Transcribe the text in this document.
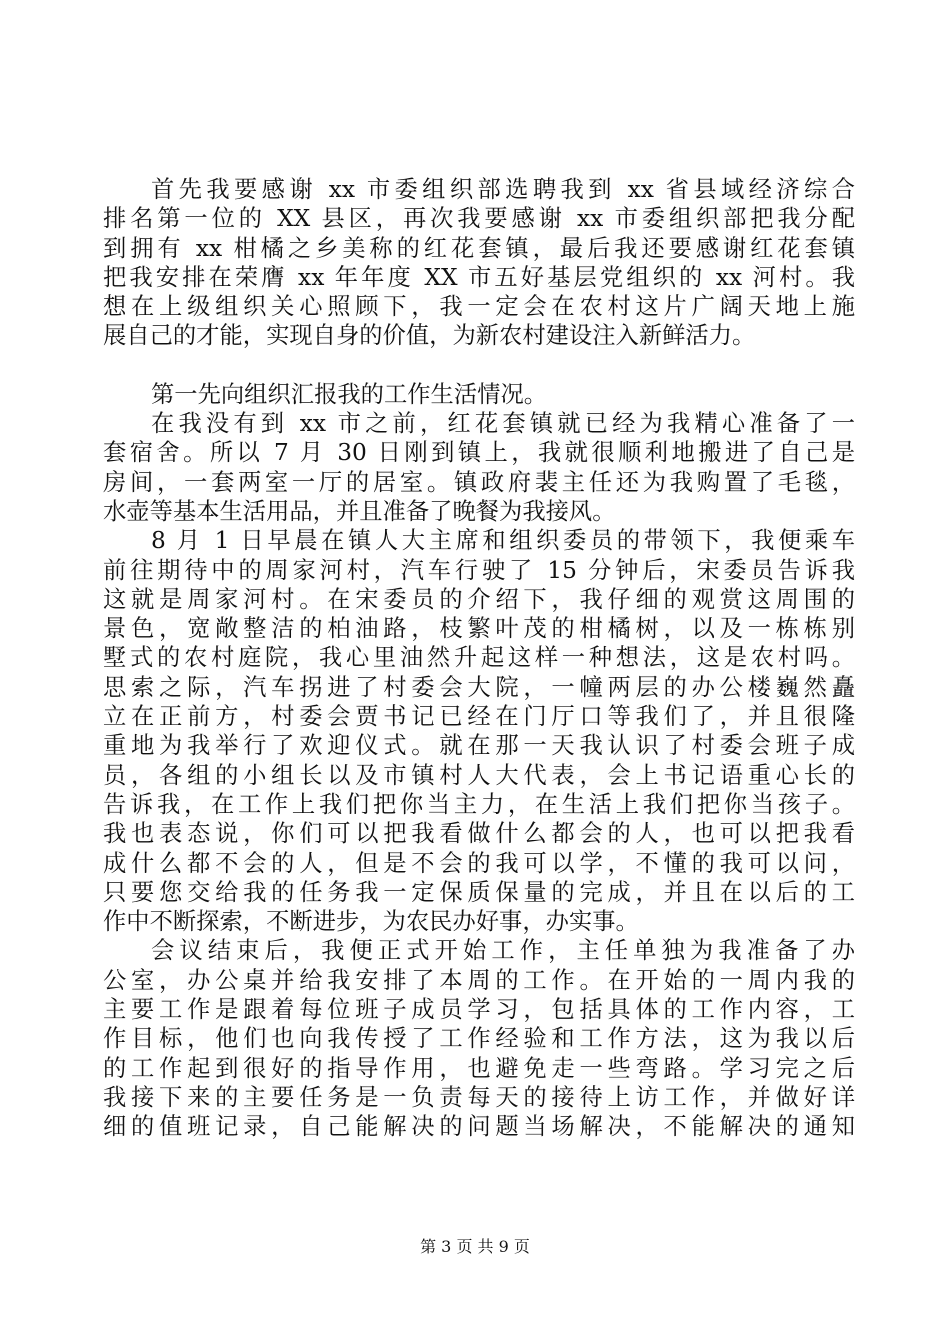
首先我要感谢 xx 市委组织部选聘我到 xx 省县域经济综合
排名第一位的 XX 县区，再次我要感谢 xx 市委组织部把我分配
到拥有 xx 柑橘之乡美称的红花套镇，最后我还要感谢红花套镇
把我安排在荣膺 xx 年年度 XX 市五好基层党组织的 xx 河村。我
想在上级组织关心照顾下，我一定会在农村这片广阔天地上施
展自己的才能，实现自身的价值，为新农村建设注入新鲜活力。
第一先向组织汇报我的工作生活情况。
在我没有到 xx 市之前，红花套镇就已经为我精心准备了一
套宿舍。所以 7 月 30 日刚到镇上，我就很顺利地搬进了自己是
房间，一套两室一厅的居室。镇政府裴主任还为我购置了毛毯，
水壶等基本生活用品，并且准备了晚餐为我接风。
8 月 1 日早晨在镇人大主席和组织委员的带领下，我便乘车
前往期待中的周家河村，汽车行驶了 15 分钟后，宋委员告诉我
这就是周家河村。在宋委员的介绍下，我仔细的观赏这周围的
景色，宽敞整洁的柏油路，枝繁叶茂的柑橘树，以及一栋栋别
墅式的农村庭院，我心里油然升起这样一种想法，这是农村吗。
思索之际，汽车拐进了村委会大院，一幢两层的办公楼巍然矗
立在正前方，村委会贾书记已经在门厅口等我们了，并且很隆
重地为我举行了欢迎仪式。就在那一天我认识了村委会班子成
员，各组的小组长以及市镇村人大代表，会上书记语重心长的
告诉我，在工作上我们把你当主力，在生活上我们把你当孩子。
我也表态说，你们可以把我看做什么都会的人，也可以把我看
成什么都不会的人，但是不会的我可以学，不懂的我可以问，
只要您交给我的任务我一定保质保量的完成，并且在以后的工
作中不断探索，不断进步，为农民办好事，办实事。
会议结束后，我便正式开始工作，主任单独为我准备了办
公室，办公桌并给我安排了本周的工作。在开始的一周内我的
主要工作是跟着每位班子成员学习，包括具体的工作内容，工
作目标，他们也向我传授了工作经验和工作方法，这为我以后
的工作起到很好的指导作用，也避免走一些弯路。学习完之后
我接下来的主要任务是一负责每天的接待上访工作，并做好详
细的值班记录，自己能解决的问题当场解决，不能解决的通知
第 3 页 共 9 页
